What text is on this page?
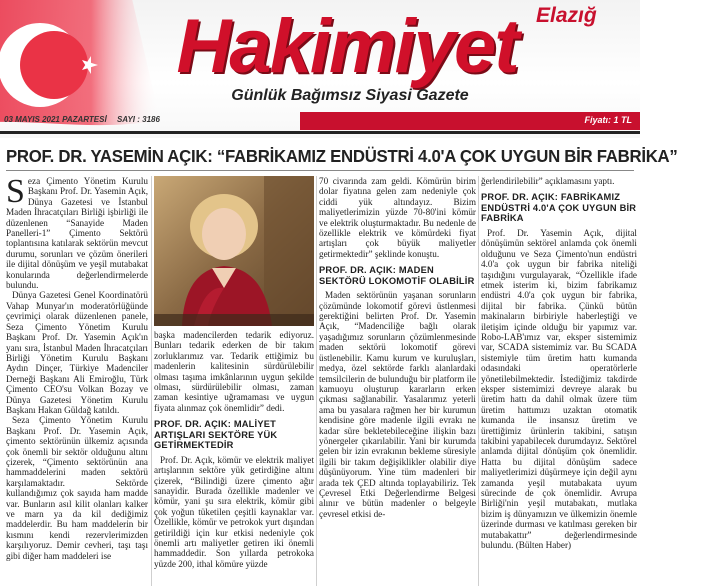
Elazığ
Hakimiyet
Günlük Bağımsız Siyasi Gazete
03 MAYIS 2021 PAZARTESİ SAYI : 3186	Yeni Elazığ'ın Gazetesi
Fiyatı: 1 TL
PROF. DR. YASEMİN AÇIK: “FABRİKAMIZ ENDÜSTRİ 4.0'A ÇOK UYGUN BİR FABRİKA”

Seza Çimento Yönetim Kurulu Başkanı Prof. Dr. Yasemin Açık, Dünya Gazetesi ve İstanbul Maden İhracatçıları Birliği işbirliği ile düzenlenen “Sanayide Maden Panelleri-1” Çimento Sektörü toplantısına katılarak sektörün mevcut durumu, sorunları ve çözüm önerileri ile dijital dönüşüm ve yeşil mutabakat konularında değerlendirmelerde bulundu.

Dünya Gazetesi Genel Koordinatörü Vahap Munyar'ın moderatörlüğünde çevrimiçi olarak düzenlenen panele, Seza Çimento Yönetim Kurulu Başkanı Prof. Dr. Yasemin Açık'ın yanı sıra, İstanbul Maden İhracatçıları Birliği Yönetim Kurulu Başkanı Aydın Dinçer, Türkiye Madenciler Derneği Başkanı Ali Emiroğlu, Türk Çimento CEO'su Volkan Bozay ve Dünya Gazetesi Yönetim Kurulu Başkanı Hakan Güldağ katıldı.

Seza Çimento Yönetim Kurulu Başkanı Prof. Dr. Yasemin Açık, çimento sektörünün ülkemiz açısında çok önemli bir sektör olduğunu altını çizerek, “Çimento sektörünün ana hammaddelerini maden sektörü karşılamaktadır. Sektörde kullandığımız çok sayıda ham madde var. Bunların asıl kilit olanları kalker ve marn ya da kil dediğimiz maddelerdir. Bu ham maddelerin bir kısmını kendi rezervlerimizden karşılıyoruz. Demir cevheri, taşı taşı gibi diğer ham maddeleri ise

başka madencilerden tedarik ediyoruz. Bunları tedarik ederken de bir takım zorluklarımız var. Tedarik ettiğimiz bu madenlerin kalitesinin sürdürülebilir olması taşıma imkânlarının uygun şekilde olması, sürdürülebilir olması, zaman zaman kesintiye uğramaması ve uygun fiyata alınmaz çok önemlidir” dedi.

PROF. DR. AÇIK: MALİYET ARTIŞLARI SEKTÖRE YÜK GETİRMEKTEDİR

Prof. Dr. Açık, kömür ve elektrik maliyet artışlarının sektöre yük getirdiğine altını çizerek, “Bilindiği üzere çimento ağır sanayidir. Burada özellikle madenler ve kömür, yani şu sıra elektrik, kömür gibi çok yoğun tüketilen çeşitli kaynaklar var. Özellikle, kömür ve petrokok yurt dışından getirildiği için kur etkisi nedeniyle çok önemli artı maliyetler getiren iki önemli hammaddedir. Son yıllarda petrokoka yüzde 200, ithal kömüre yüzde

70 civarında zam geldi. Kömürün birim dolar fiyatına gelen zam nedeniyle çok ciddi yük altındayız. Bizim maliyetlerimizin yüzde 70-80'ini kömür ve elektrik oluşturmaktadır. Bu nedenle de özellikle elektrik ve kömürdeki fiyat artışları çok büyük maliyetler getirmektedir” şeklinde konuştu.

PROF. DR. AÇIK: MADEN SEKTÖRÜ LOKOMOTİF OLABİLİR

Maden sektörünün yaşanan sorunların çözümünde lokomotif görevi üstlenmesi gerektiğini belirten Prof. Dr. Yasemin Açık, “Madenciliğe bağlı olarak yaşadığımız sorunların çözümlenmesinde maden sektörü lokomotif görevi üstlenebilir. Kamu kurum ve kuruluşları, medya, özel sektörde farklı alanlardaki temsilcilerin de bulunduğu bir platform ile kamuoyu oluşturup kararların erken çıkması sağlanabilir. Yasalarımız yeterli ama bu yasalara rağmen her bir kurumun kendisine göre madenle ilgili evrakı ne kadar süre bekletebileceğine ilişkin bazı yönergeler çıkarılabilir. Yani bir kurumda gelen bir izin evrakının bekleme süresiyle ilgili bir takım değişiklikler olabilir diye düşünüyorum. Yine tüm madenleri bir arada tek ÇED altında toplayabiliriz. Tek Çevresel Etki Değerlendirme Belgesi alınır ve bütün madenler o belgeyle çevresel etkisi de-

ğerlendirilebilir” açıklamasını yaptı.

PROF. DR. AÇIK: FABRİKAMIZ ENDÜSTRİ 4.0'A ÇOK UYGUN BİR FABRİKA

Prof. Dr. Yasemin Açık, dijital dönüşümün sektörel anlamda çok önemli olduğunu ve Seza Çimento'nun endüstri 4.0'a çok uygun bir fabrika niteliği taşıdığını vurgulayarak, “Özellikle ifade etmek isterim ki, bizim fabrikamız endüstri 4.0'a çok uygun bir fabrika, dijital bir fabrika. Çünkü bütün makinaların birbiriyle haberleştiği ve iletişim içinde olduğu bir yapımız var. Robo-LAB'ımız var, eksper sistemimiz var, SCADA sistemimiz var. Bu SCADA sistemiyle tüm üretim hattı kumanda odasındaki operatörlerle yönetilebilmektedir. İstediğimiz takdirde eksper sistemimizi devreye alarak bu üretim hattı da dahil olmak üzere tüm üretim hattımızı uzaktan otomatik kumanda ile insansız üretim ve ürettiğimiz ürünlerin takibini, satışın takibini yapabilecek durumdayız. Sektörel anlamda dijital dönüşüm çok önemlidir. Hatta bu dijital dönüşüm sadece maliyetlerimizi düşürmeye için değil aynı zamanda yeşil mutabakata uyum sürecinde de çok önemlidir. Avrupa Birliği'nin yeşil mutabakatı, mutlaka bizim iş dünyamızın ve ülkemizin önemle üzerinde durması ve katılması gereken bir mutabakattır” değerlendirmesinde bulundu. (Bülten Haber)
